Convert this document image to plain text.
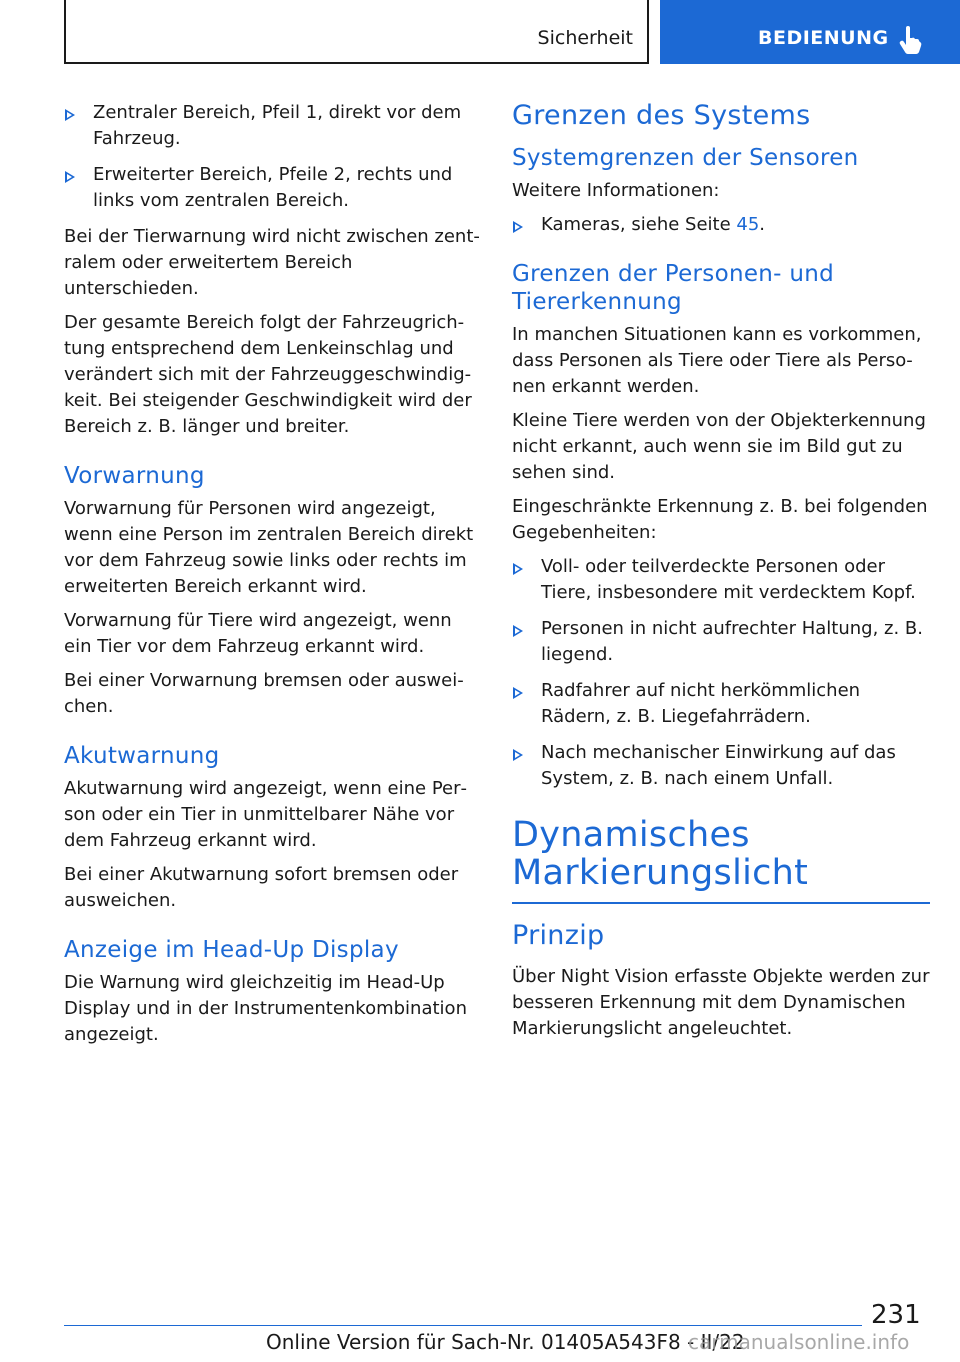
Sicherheit	BEDIENUNG
Zentraler Bereich, Pfeil 1, direkt vor dem Fahrzeug.
Erweiterter Bereich, Pfeile 2, rechts und links vom zentralen Bereich.

Bei der Tierwarnung wird nicht zwischen zentralem oder erweitertem Bereich unterschieden.

Der gesamte Bereich folgt der Fahrzeugrichtung entsprechend dem Lenkeinschlag und verändert sich mit der Fahrzeuggeschwindigkeit. Bei steigender Geschwindigkeit wird der Bereich z. B. länger und breiter.

Vorwarnung

Vorwarnung für Personen wird angezeigt, wenn eine Person im zentralen Bereich direkt vor dem Fahrzeug sowie links oder rechts im erweiterten Bereich erkannt wird.

Vorwarnung für Tiere wird angezeigt, wenn ein Tier vor dem Fahrzeug erkannt wird.

Bei einer Vorwarnung bremsen oder ausweichen.

Akutwarnung

Akutwarnung wird angezeigt, wenn eine Person oder ein Tier in unmittelbarer Nähe vor dem Fahrzeug erkannt wird.

Bei einer Akutwarnung sofort bremsen oder ausweichen.

Anzeige im Head-Up Display

Die Warnung wird gleichzeitig im Head-Up Display und in der Instrumentenkombination angezeigt.

Grenzen des Systems
Systemgrenzen der Sensoren

Weitere Informationen:

Kameras, siehe Seite 45.
Grenzen der Personen- und Tiererkennung

In manchen Situationen kann es vorkommen, dass Personen als Tiere oder Tiere als Personen erkannt werden.

Kleine Tiere werden von der Objekterkennung nicht erkannt, auch wenn sie im Bild gut zu sehen sind.

Eingeschränkte Erkennung z. B. bei folgenden Gegebenheiten:

Voll- oder teilverdeckte Personen oder Tiere, insbesondere mit verdecktem Kopf.
Personen in nicht aufrechter Haltung, z. B. liegend.
Radfahrer auf nicht herkömmlichen Rädern, z. B. Liegefahrrädern.
Nach mechanischer Einwirkung auf das System, z. B. nach einem Unfall.
Dynamisches
Markierungslicht
Prinzip

Über Night Vision erfasste Objekte werden zur besseren Erkennung mit dem Dynamischen Markierungslicht angeleuchtet.

231
Online Version für Sach-Nr. 01405A543F8 - II/22
carmanualsonline.info
